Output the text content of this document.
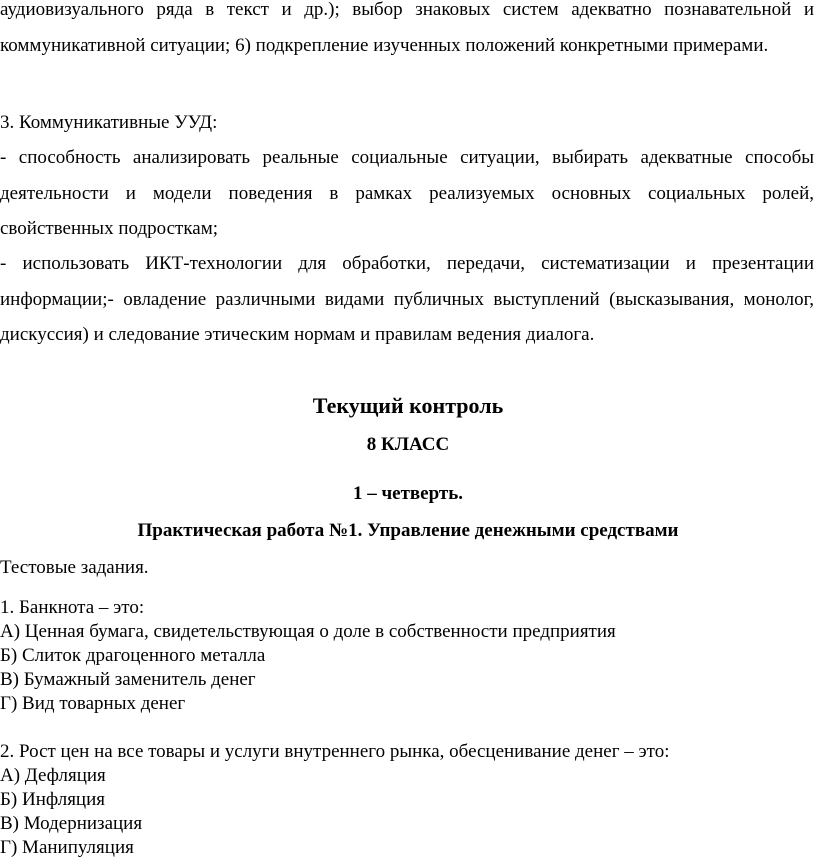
аудиовизуального ряда в текст и др.); выбор знаковых систем адекватно познавательной и коммуникативной ситуации; 6) подкрепление изученных положений конкретными примерами.

3. Коммуникативные УУД:

- способность анализировать реальные социальные ситуации, выбирать адекватные способы деятельности и модели поведения в рамках реализуемых основных социальных ролей, свойственных подросткам;

- использовать ИКТ-технологии для обработки, передачи, систематизации и презентации информации;- овладение различными видами публичных выступлений (высказывания, монолог, дискуссия) и следование этическим нормам и правилам ведения диалога.

Текущий контроль

8 КЛАСС

1 – четверть.

Практическая работа №1. Управление денежными средствами

Тестовые задания.

1. Банкнота – это:

А) Ценная бумага, свидетельствующая о доле в собственности предприятия

Б) Слиток драгоценного металла

В) Бумажный заменитель денег

Г) Вид товарных денег

2. Рост цен на все товары и услуги внутреннего рынка, обесценивание денег – это:

А) Дефляция

Б) Инфляция

В) Модернизация

Г) Манипуляция
